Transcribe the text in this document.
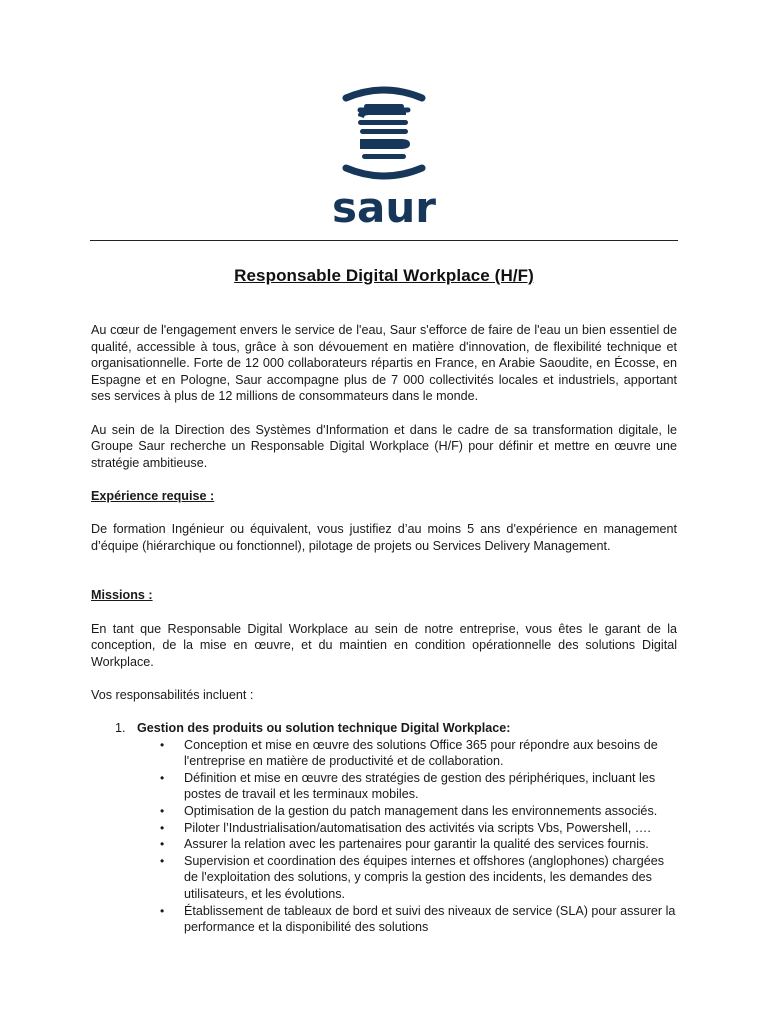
saur
Responsable Digital Workplace (H/F)

Au cœur de l'engagement envers le service de l'eau, Saur s'efforce de faire de l'eau un bien essentiel de qualité, accessible à tous, grâce à son dévouement en matière d'innovation, de flexibilité technique et organisationnelle. Forte de 12 000 collaborateurs répartis en France, en Arabie Saoudite, en Écosse, en Espagne et en Pologne, Saur accompagne plus de 7 000 collectivités locales et industriels, apportant ses services à plus de 12 millions de consommateurs dans le monde.

Au sein de la Direction des Systèmes d'Information et dans le cadre de sa transformation digitale, le Groupe Saur recherche un Responsable Digital Workplace (H/F) pour définir et mettre en œuvre une stratégie ambitieuse.

Expérience requise :

De formation Ingénieur ou équivalent, vous justifiez d’au moins 5 ans d'expérience en management d’équipe (hiérarchique ou fonctionnel), pilotage de projets ou Services Delivery Management.

Missions :

En tant que Responsable Digital Workplace au sein de notre entreprise, vous êtes le garant de la conception, de la mise en œuvre, et du maintien en condition opérationnelle des solutions Digital Workplace.

Vos responsabilités incluent :

1. Gestion des produits ou solution technique Digital Workplace:
• Conception et mise en œuvre des solutions Office 365 pour répondre aux besoins de l'entreprise en matière de productivité et de collaboration.
• Définition et mise en œuvre des stratégies de gestion des périphériques, incluant les postes de travail et les terminaux mobiles.
• Optimisation de la gestion du patch management dans les environnements associés.
• Piloter l’Industrialisation/automatisation des activités via scripts Vbs, Powershell, ….
• Assurer la relation avec les partenaires pour garantir la qualité des services fournis.
• Supervision et coordination des équipes internes et offshores (anglophones) chargées de l'exploitation des solutions, y compris la gestion des incidents, les demandes des utilisateurs, et les évolutions.
• Établissement de tableaux de bord et suivi des niveaux de service (SLA) pour assurer la performance et la disponibilité des solutions
